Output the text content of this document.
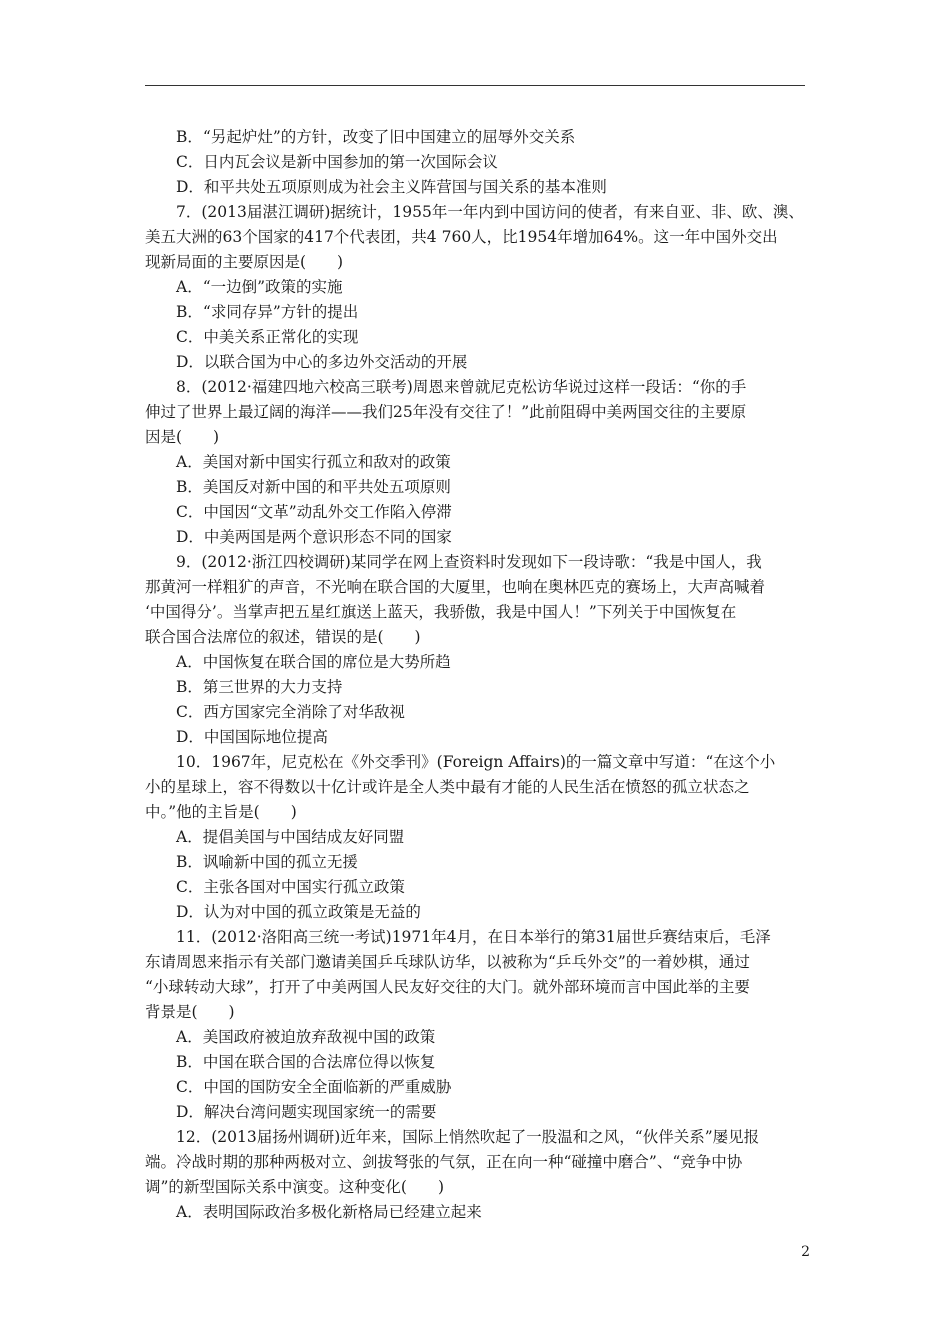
B．“另起炉灶”的方针，改变了旧中国建立的屈辱外交关系
C．日内瓦会议是新中国参加的第一次国际会议
D．和平共处五项原则成为社会主义阵营国与国关系的基本准则
7．(2013届湛江调研)据统计，1955年一年内到中国访问的使者，有来自亚、非、欧、澳、
美五大洲的63个国家的417个代表团，共4 760人，比1954年增加64%。这一年中国外交出
现新局面的主要原因是(　　)
A．“一边倒”政策的实施
B．“求同存异”方针的提出
C．中美关系正常化的实现
D．以联合国为中心的多边外交活动的开展
8．(2012·福建四地六校高三联考)周恩来曾就尼克松访华说过这样一段话：“你的手
伸过了世界上最辽阔的海洋——我们25年没有交往了！”此前阻碍中美两国交往的主要原
因是(　　)
A．美国对新中国实行孤立和敌对的政策
B．美国反对新中国的和平共处五项原则
C．中国因“文革”动乱外交工作陷入停滞
D．中美两国是两个意识形态不同的国家
9．(2012·浙江四校调研)某同学在网上查资料时发现如下一段诗歌：“我是中国人，我
那黄河一样粗犷的声音，不光响在联合国的大厦里，也响在奥林匹克的赛场上，大声高喊着
‘中国得分’。当掌声把五星红旗送上蓝天，我骄傲，我是中国人！”下列关于中国恢复在
联合国合法席位的叙述，错误的是(　　)
A．中国恢复在联合国的席位是大势所趋
B．第三世界的大力支持
C．西方国家完全消除了对华敌视
D．中国国际地位提高
10．1967年，尼克松在《外交季刊》(Foreign Affairs)的一篇文章中写道：“在这个小
小的星球上，容不得数以十亿计或许是全人类中最有才能的人民生活在愤怒的孤立状态之
中。”他的主旨是(　　)
A．提倡美国与中国结成友好同盟
B．讽喻新中国的孤立无援
C．主张各国对中国实行孤立政策
D．认为对中国的孤立政策是无益的
11．(2012·洛阳高三统一考试)1971年4月，在日本举行的第31届世乒赛结束后，毛泽
东请周恩来指示有关部门邀请美国乒乓球队访华，以被称为“乒乓外交”的一着妙棋，通过
“小球转动大球”，打开了中美两国人民友好交往的大门。就外部环境而言中国此举的主要
背景是(　　)
A．美国政府被迫放弃敌视中国的政策
B．中国在联合国的合法席位得以恢复
C．中国的国防安全全面临新的严重威胁
D．解决台湾问题实现国家统一的需要
12．(2013届扬州调研)近年来，国际上悄然吹起了一股温和之风，“伙伴关系”屡见报
端。冷战时期的那种两极对立、剑拔弩张的气氛，正在向一种“碰撞中磨合”、“竞争中协
调”的新型国际关系中演变。这种变化(　　)
A．表明国际政治多极化新格局已经建立起来
2
